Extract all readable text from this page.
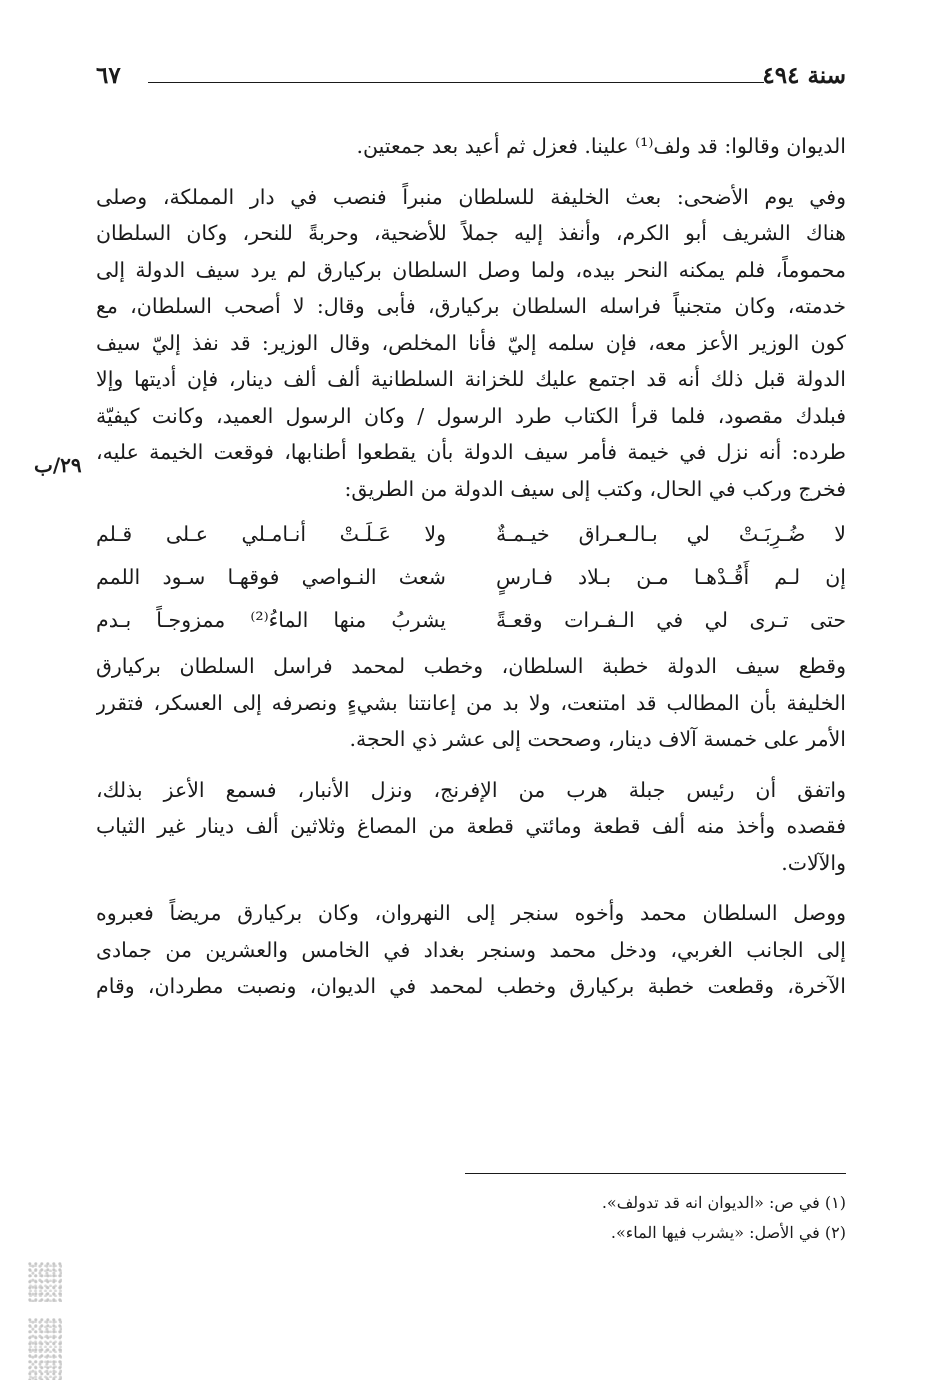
سنة ٤٩٤
٦٧
٢٩/ب
الديوان وقالوا: قد ولف⁽¹⁾ علينا. فعزل ثم أعيد بعد جمعتين.
وفي يوم الأضحى: بعث الخليفة للسلطان منبراً فنصب في دار المملكة، وصلى
هناك الشريف أبو الكرم، وأنفذ إليه جملاً للأضحية، وحربةً للنحر، وكان السلطان
محموماً، فلم يمكنه النحر بيده، ولما وصل السلطان بركيارق لم يرد سيف الدولة إلى
خدمته، وكان متجنياً فراسله السلطان بركيارق، فأبى وقال: لا أصحب السلطان، مع
كون الوزير الأعز معه، فإن سلمه إليّ فأنا المخلص، وقال الوزير: قد نفذ إليّ سيف
الدولة قبل ذلك أنه قد اجتمع عليك للخزانة السلطانية ألف ألف دينار، فإن أديتها وإلا
فبلدك مقصود، فلما قرأ الكتاب طرد الرسول / وكان الرسول العميد، وكانت كيفيّة
طرده: أنه نزل في خيمة فأمر سيف الدولة بأن يقطعوا أطنابها، فوقعت الخيمة عليه،
فخرج وركب في الحال، وكتب إلى سيف الدولة من الطريق:
لا ضُـرِبَـتْ لي بـالـعـراق خيـمـةٌ
ولا عَـلَـتْ أنـامـلي عـلى قـلم
إن لـم أَقُـدْهـا مـن بـلاد فـارسٍ
شعث النـواصي فوقهـا سـود اللمم
حتى تـرى لي في الـفـرات وقعـةً
يشربُ منها الماءُ⁽²⁾ ممزوجـاً بـدم
وقطع سيف الدولة خطبة السلطان، وخطب لمحمد فراسل السلطان بركيارق
الخليفة بأن المطالب قد امتنعت، ولا بد من إعانتنا بشيءٍ ونصرفه إلى العسكر، فتقرر
الأمر على خمسة آلاف دينار، وصححت إلى عشر ذي الحجة.
واتفق أن رئيس جبلة هرب من الإفرنج، ونزل الأنبار، فسمع الأعز بذلك،
فقصده وأخذ منه ألف قطعة ومائتي قطعة من المصاغ وثلاثين ألف دينار غير الثياب
والآلات.
ووصل السلطان محمد وأخوه سنجر إلى النهروان، وكان بركيارق مريضاً فعبروه
إلى الجانب الغربي، ودخل محمد وسنجر بغداد في الخامس والعشرين من جمادى
الآخرة، وقطعت خطبة بركيارق وخطب لمحمد في الديوان، ونصبت مطردان، وقام
(١) في ص: «الديوان انه قد تدولف».
(٢) في الأصل: «يشرب فيها الماء».
